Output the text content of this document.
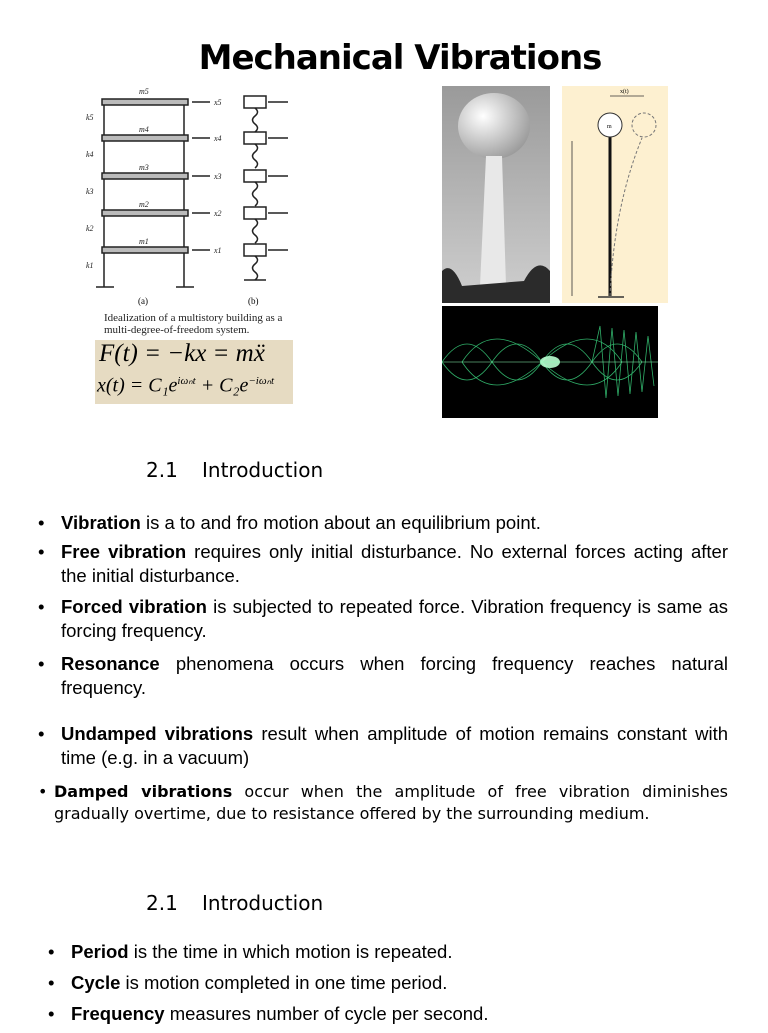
Mechanical Vibrations
k5
k4
k3
k2
k1
m5
m4
m3
m2
m1
x5
x4
x3
x2
x1
(a)	(b)
Idealization of a multistory building as a multi-degree-of-freedom system.
F(t) = −kx = mẍ
$x(t) = C_1e^{i\omega_nt} + C_2e^{-i\omega_nt}$
m
x(t)
2.1 Introduction
• Vibration is a to and fro motion about an equilibrium point.
• Free vibration requires only initial disturbance. No external forces acting after the initial disturbance.
• Forced vibration is subjected to repeated force. Vibration frequency is same as forcing frequency.
• Resonance phenomena occurs when forcing frequency reaches natural frequency.
• Undamped vibrations result when amplitude of motion remains constant with time (e.g. in a vacuum)
• Damped vibrations occur when the amplitude of free vibration diminishes gradually overtime, due to resistance offered by the surrounding medium.
2.1 Introduction
• Period is the time in which motion is repeated.
• Cycle is motion completed in one time period.
• Frequency measures number of cycle per second.
